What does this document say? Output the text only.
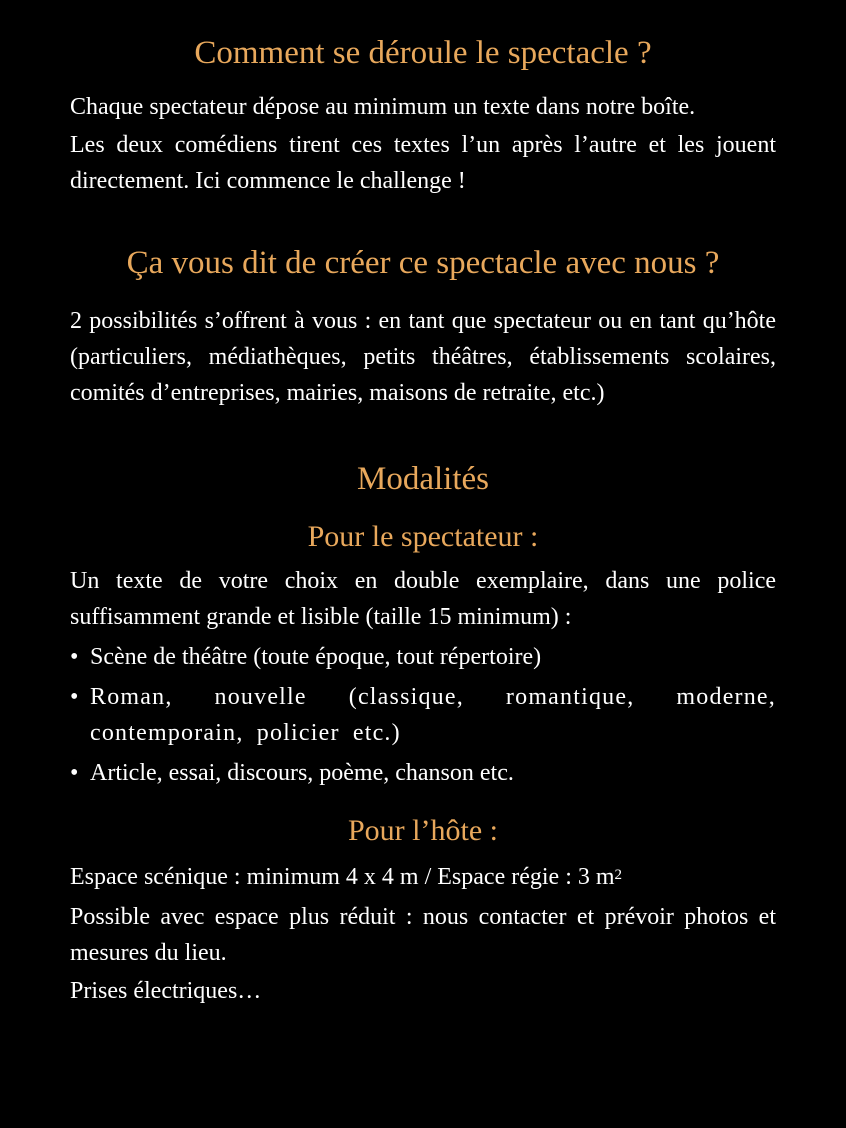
Comment se déroule le spectacle ?

Chaque spectateur dépose au minimum un texte dans notre boîte.

Les deux comédiens tirent ces textes l’un après l’autre et les jouent directement. Ici commence le challenge !

Ça vous dit de créer ce spectacle avec nous ?

2 possibilités s’offrent à vous : en tant que spectateur ou en tant qu’hôte (particuliers, médiathèques, petits théâtres, établissements scolaires, comités d’entreprises, mairies, maisons de retraite, etc.)

Modalités
Pour le spectateur :

Un texte de votre choix en double exemplaire, dans une police suffisamment grande et lisible (taille 15 minimum) :

• Scène de théâtre (toute époque, tout répertoire)
• Roman, nouvelle (classique, romantique, moderne, contemporain, policier etc.)
• Article, essai, discours, poème, chanson etc.
Pour l’hôte :

Espace scénique : minimum 4 x 4 m / Espace régie : 3 $m^2$

Possible avec espace plus réduit : nous contacter et prévoir photos et mesures du lieu.

Prises électriques…
